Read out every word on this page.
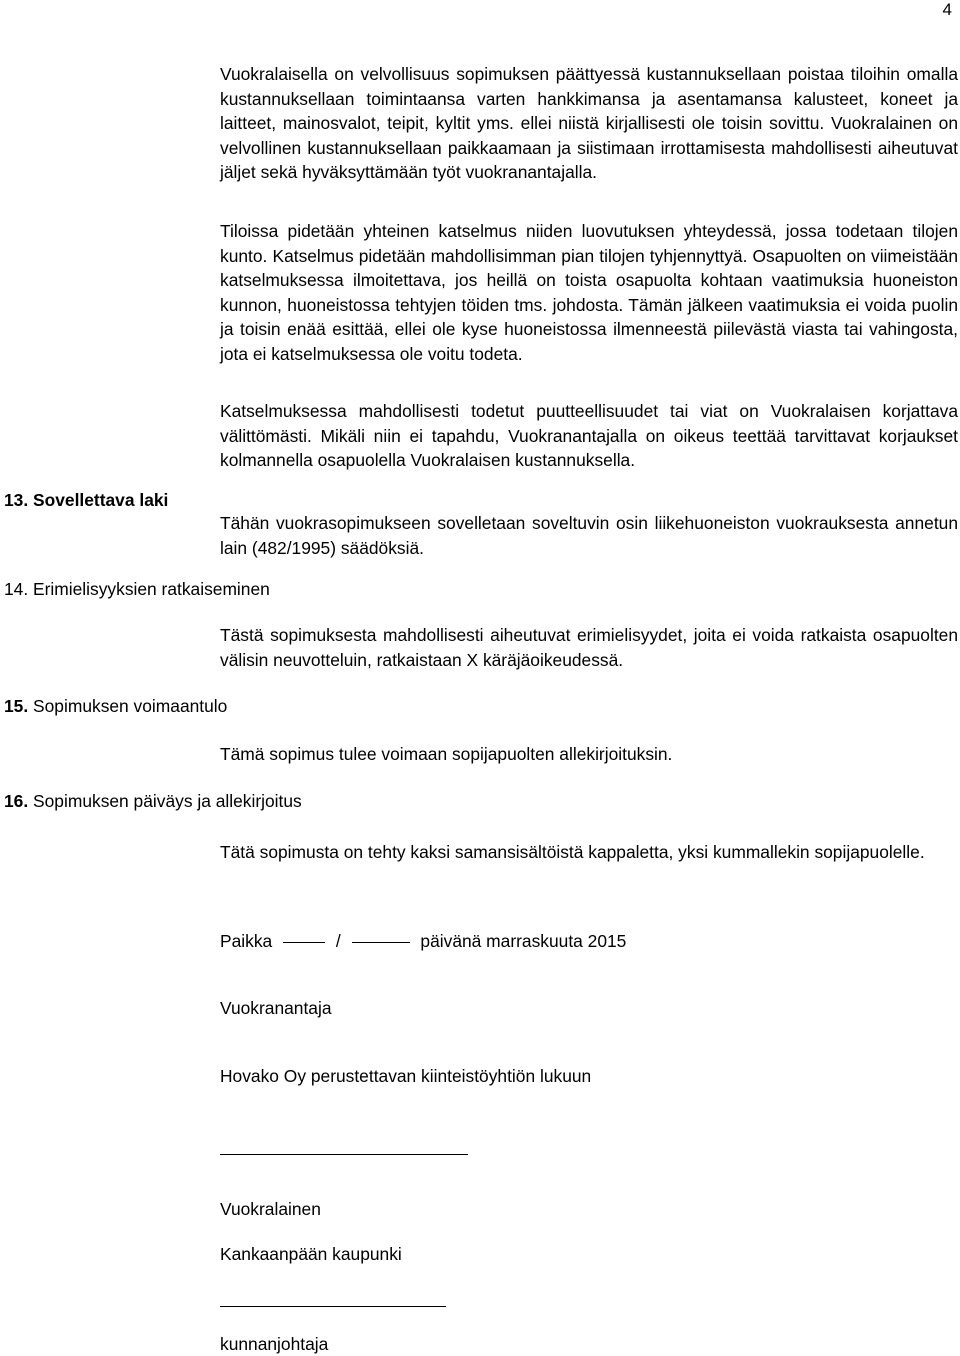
4

Vuokralaisella on velvollisuus sopimuksen päättyessä kustannuksellaan poistaa tiloihin omalla kustannuksellaan toimintaansa varten hankkimansa ja asentamansa kalusteet, koneet ja laitteet, mainosvalot, teipit, kyltit yms. ellei niistä kirjallisesti ole toisin sovittu. Vuokralainen on velvollinen kustannuksellaan paikkaamaan ja siistimaan irrottamisesta mahdollisesti aiheutuvat jäljet sekä hyväksyttämään työt vuokranantajalla.

Tiloissa pidetään yhteinen katselmus niiden luovutuksen yhteydessä, jossa todetaan tilojen kunto. Katselmus pidetään mahdollisimman pian tilojen tyhjennyttyä. Osapuolten on viimeistään katselmuksessa ilmoitettava, jos heillä on toista osapuolta kohtaan vaatimuksia huoneiston kunnon, huoneistossa tehtyjen töiden tms. johdosta. Tämän jälkeen vaatimuksia ei voida puolin ja toisin enää esittää, ellei ole kyse huoneistossa ilmenneestä piilevästä viasta tai vahingosta, jota ei katselmuksessa ole voitu todeta.

Katselmuksessa mahdollisesti todetut puutteellisuudet tai viat on Vuokralaisen korjattava välittömästi. Mikäli niin ei tapahdu, Vuokranantajalla on oikeus teettää tarvittavat korjaukset kolmannella osapuolella Vuokralaisen kustannuksella.

13. Sovellettava laki

Tähän vuokrasopimukseen sovelletaan soveltuvin osin liikehuoneiston vuokrauksesta annetun lain (482/1995) säädöksiä.

14. Erimielisyyksien ratkaiseminen

Tästä sopimuksesta mahdollisesti aiheutuvat erimielisyydet, joita ei voida ratkaista osapuolten välisin neuvotteluin, ratkaistaan X käräjäoikeudessä.

15. Sopimuksen voimaantulo

Tämä sopimus tulee voimaan sopijapuolten allekirjoituksin.

16. Sopimuksen päiväys ja allekirjoitus

Tätä sopimusta on tehty kaksi samansisältöistä kappaletta, yksi kummallekin sopijapuolelle.

Paikka	/	päivänä marraskuuta 2015

Vuokranantaja

Hovako Oy perustettavan kiinteistöyhtiön lukuun

Vuokralainen

Kankaanpään kaupunki

kunnanjohtaja
